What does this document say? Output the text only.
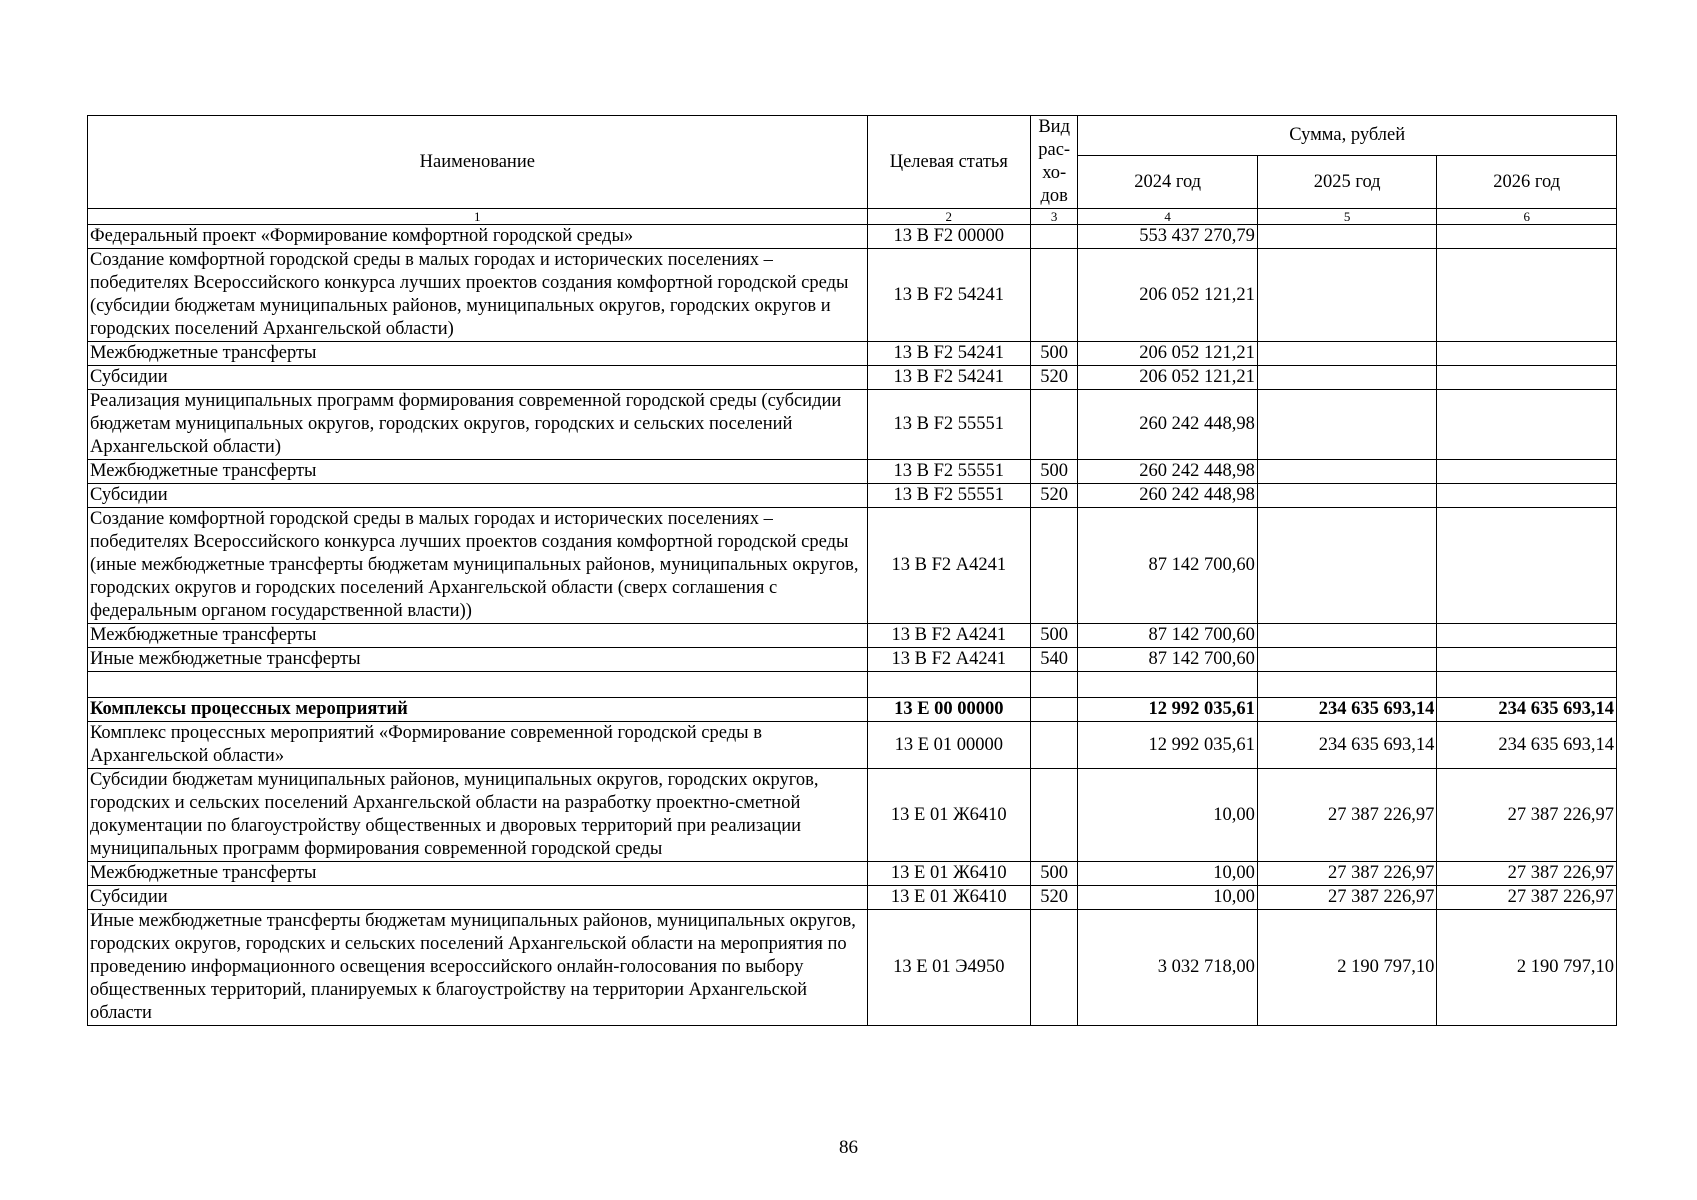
Наименование	Целевая статья	Вид рас- хо- дов	Сумма, рублей		
			2024 год	2025 год	2026 год
1	2	3	4	5	6
Федеральный проект «Формирование комфортной городской среды»	13 В F2 00000		553 437 270,79		
Создание комфортной городской среды в малых городах и исторических поселениях – победителях Всероссийского конкурса лучших проектов создания комфортной городской среды (субсидии бюджетам муниципальных районов, муниципальных округов, городских округов и городских поселений Архангельской области)	13 В F2 54241		206 052 121,21		
Межбюджетные трансферты	13 В F2 54241	500	206 052 121,21		
Субсидии	13 В F2 54241	520	206 052 121,21		
Реализация муниципальных программ формирования современной городской среды (субсидии бюджетам муниципальных округов, городских округов, городских и сельских поселений Архангельской области)	13 В F2 55551		260 242 448,98		
Межбюджетные трансферты	13 В F2 55551	500	260 242 448,98		
Субсидии	13 В F2 55551	520	260 242 448,98		
Создание комфортной городской среды в малых городах и исторических поселениях – победителях Всероссийского конкурса лучших проектов создания комфортной городской среды (иные межбюджетные трансферты бюджетам муниципальных районов, муниципальных округов, городских округов и городских поселений Архангельской области (сверх соглашения с федеральным органом государственной власти))	13 В F2 А4241		87 142 700,60		
Межбюджетные трансферты	13 В F2 А4241	500	87 142 700,60		
Иные межбюджетные трансферты	13 В F2 А4241	540	87 142 700,60		

Комплексы процессных мероприятий	13 Е 00 00000		12 992 035,61	234 635 693,14	234 635 693,14
Комплекс процессных мероприятий «Формирование современной городской среды в Архангельской области»	13 Е 01 00000		12 992 035,61	234 635 693,14	234 635 693,14
Субсидии бюджетам муниципальных районов, муниципальных округов, городских округов, городских и сельских поселений Архангельской области на разработку проектно-сметной документации по благоустройству общественных и дворовых территорий при реализации муниципальных программ формирования современной городской среды	13 Е 01 Ж6410		10,00	27 387 226,97	27 387 226,97
Межбюджетные трансферты	13 Е 01 Ж6410	500	10,00	27 387 226,97	27 387 226,97
Субсидии	13 Е 01 Ж6410	520	10,00	27 387 226,97	27 387 226,97
Иные межбюджетные трансферты бюджетам муниципальных районов, муниципальных округов, городских округов, городских и сельских поселений Архангельской области на мероприятия по проведению информационного освещения всероссийского онлайн-голосования по выбору общественных территорий, планируемых к благоустройству на территории Архангельской области	13 Е 01 Э4950		3 032 718,00	2 190 797,10	2 190 797,10
86
